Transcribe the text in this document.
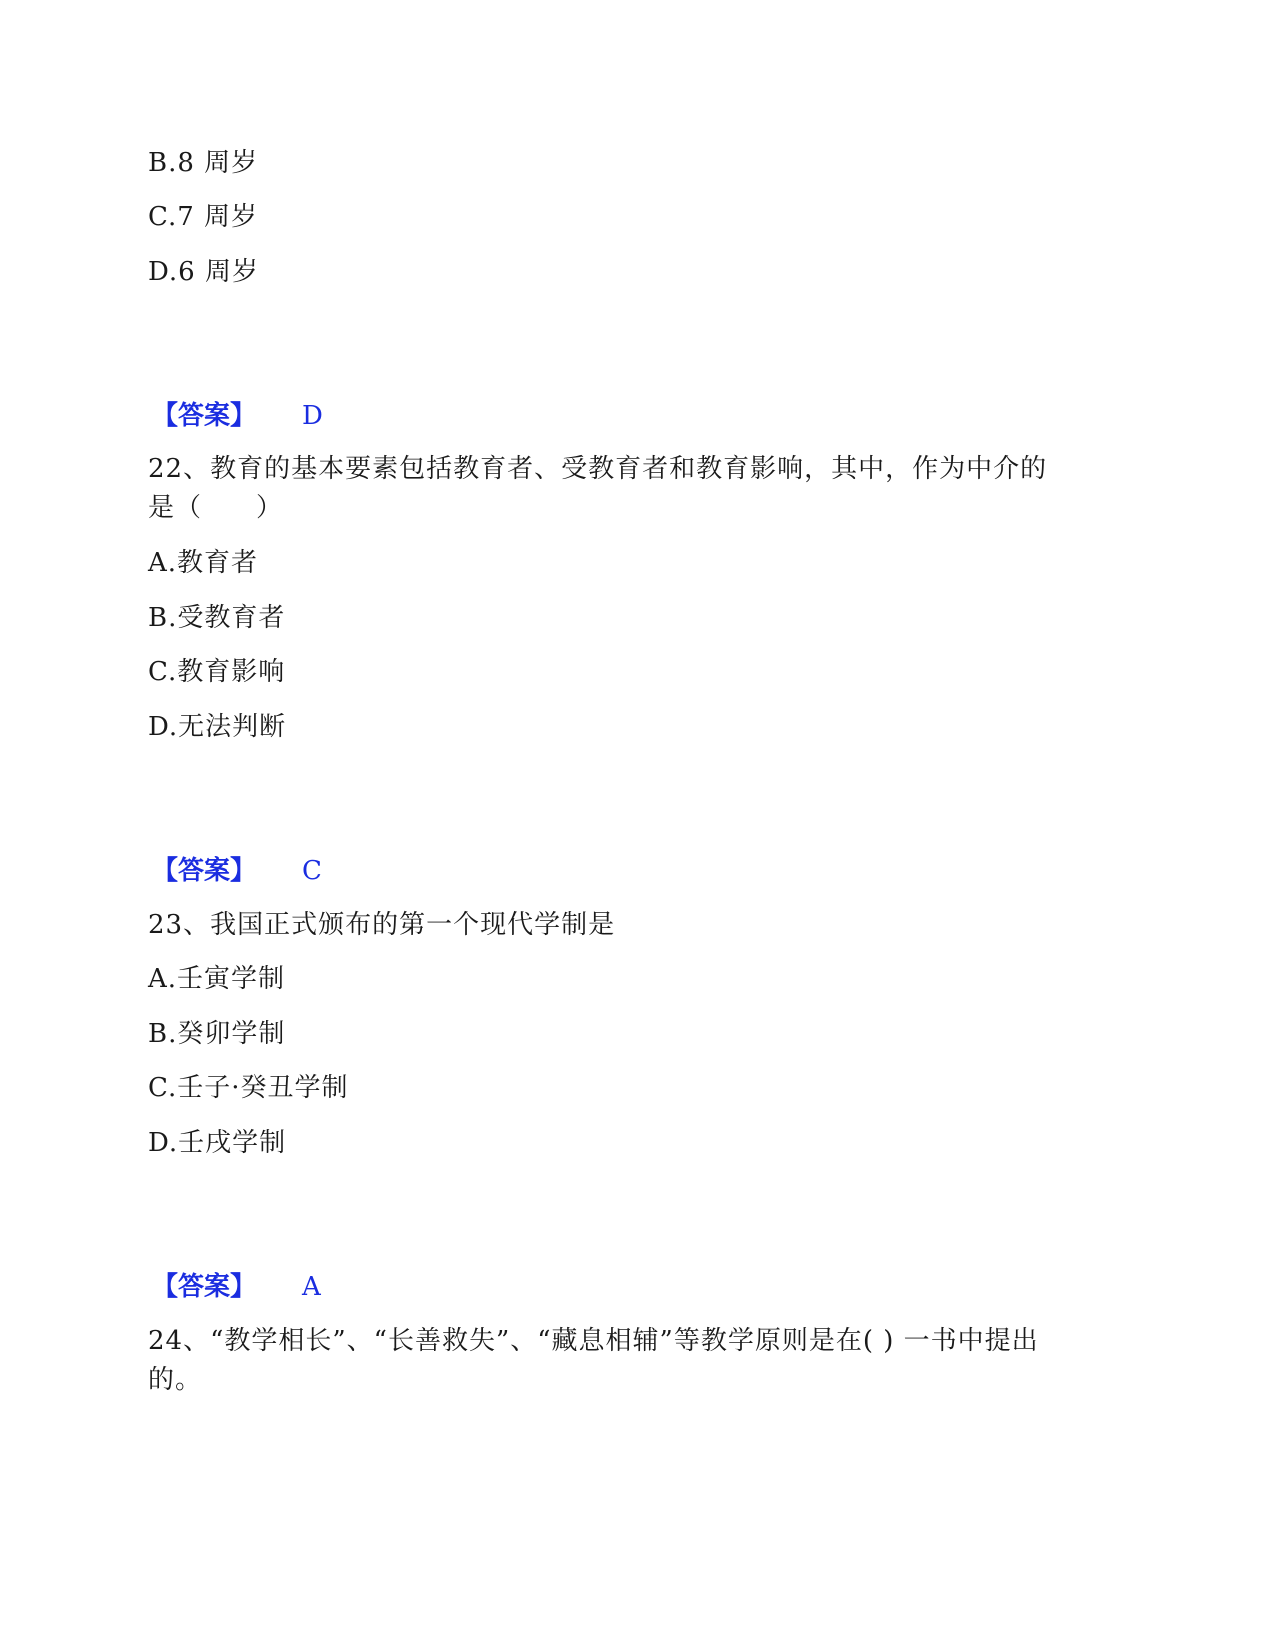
B.8 周岁
C.7 周岁
D.6 周岁
【答案】 D
22、教育的基本要素包括教育者、受教育者和教育影响，其中，作为中介的
是（　　）
A.教育者
B.受教育者
C.教育影响
D.无法判断
【答案】 C
23、我国正式颁布的第一个现代学制是
A.壬寅学制
B.癸卯学制
C.壬子·癸丑学制
D.壬戌学制
【答案】 A
24、“教学相长”、“长善救失”、“藏息相辅”等教学原则是在( ) 一书中提出
的。
